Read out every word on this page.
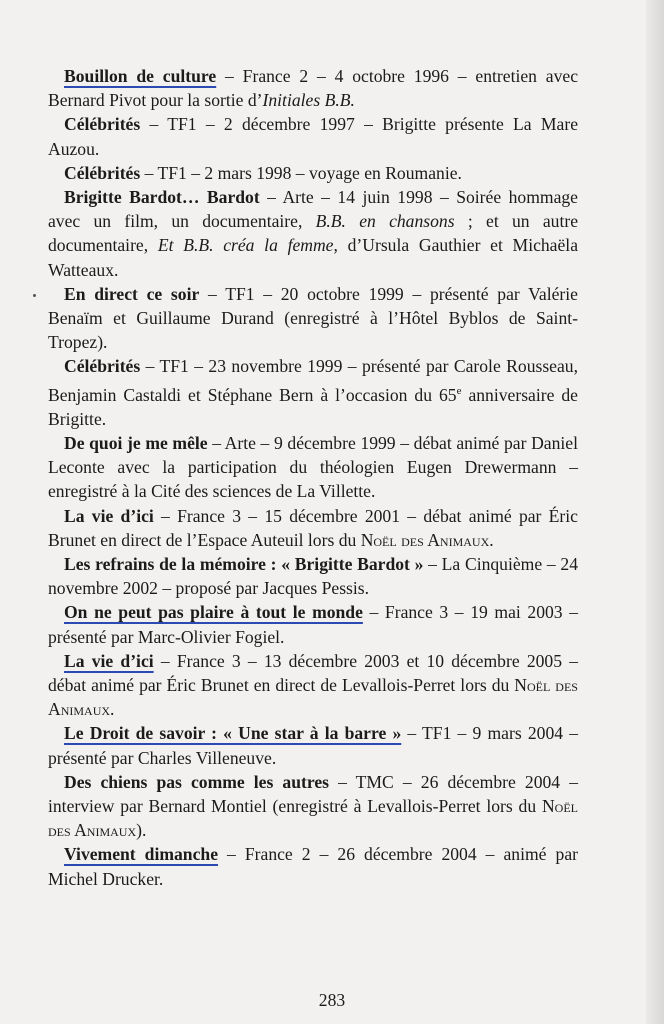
Bouillon de culture – France 2 – 4 octobre 1996 – entretien avec Bernard Pivot pour la sortie d’Initiales B.B.

Célébrités – TF1 – 2 décembre 1997 – Brigitte présente La Mare Auzou.

Célébrités – TF1 – 2 mars 1998 – voyage en Roumanie.

Brigitte Bardot… Bardot – Arte – 14 juin 1998 – Soirée hommage avec un film, un documentaire, B.B. en chansons ; et un autre documentaire, Et B.B. créa la femme, d’Ursula Gauthier et Michaëla Watteaux.

En direct ce soir – TF1 – 20 octobre 1999 – présenté par Valérie Benaïm et Guillaume Durand (enregistré à l’Hôtel Byblos de Saint-Tropez).

Célébrités – TF1 – 23 novembre 1999 – présenté par Carole Rousseau, Benjamin Castaldi et Stéphane Bern à l’occasion du 65e anniversaire de Brigitte.

De quoi je me mêle – Arte – 9 décembre 1999 – débat animé par Daniel Leconte avec la participation du théologien Eugen Drewermann – enregistré à la Cité des sciences de La Villette.

La vie d’ici – France 3 – 15 décembre 2001 – débat animé par Éric Brunet en direct de l’Espace Auteuil lors du Noël des Animaux.

Les refrains de la mémoire : « Brigitte Bardot » – La Cinquième – 24 novembre 2002 – proposé par Jacques Pessis.

On ne peut pas plaire à tout le monde – France 3 – 19 mai 2003 – présenté par Marc-Olivier Fogiel.

La vie d’ici – France 3 – 13 décembre 2003 et 10 décembre 2005 – débat animé par Éric Brunet en direct de Levallois-Perret lors du Noël des Animaux.

Le Droit de savoir : « Une star à la barre » – TF1 – 9 mars 2004 – présenté par Charles Villeneuve.

Des chiens pas comme les autres – TMC – 26 décembre 2004 – interview par Bernard Montiel (enregistré à Levallois-Perret lors du Noël des Animaux).

Vivement dimanche – France 2 – 26 décembre 2004 – animé par Michel Drucker.

283
